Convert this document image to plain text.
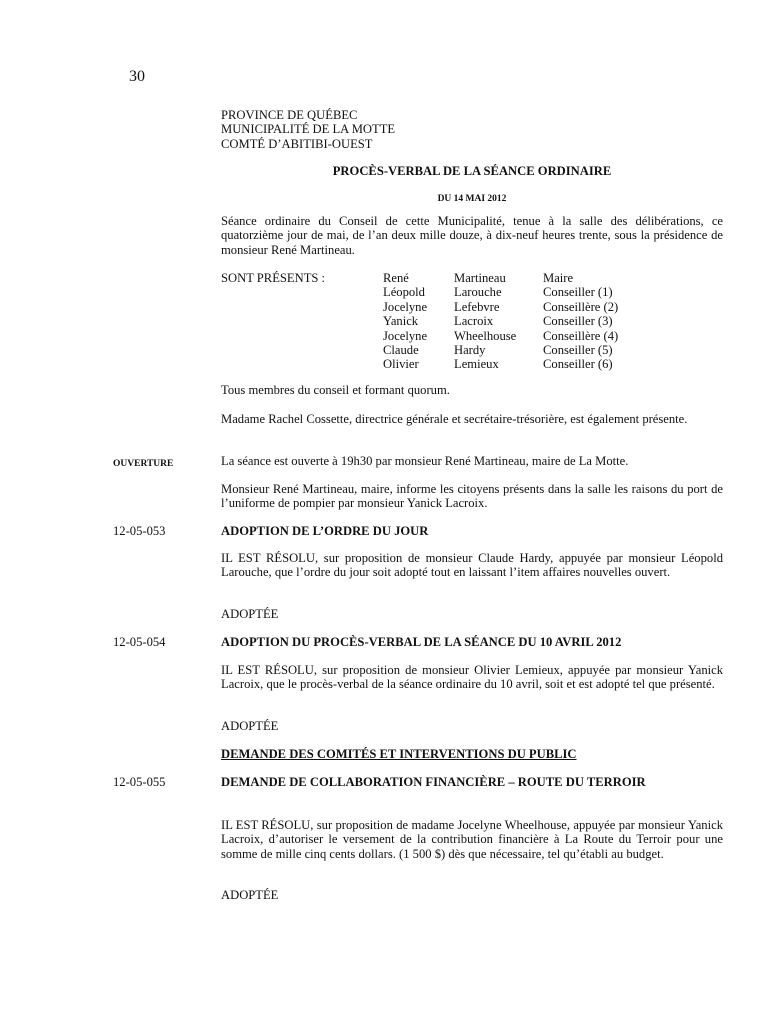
30
PROVINCE DE QUÉBEC
MUNICIPALITÉ DE LA MOTTE
COMTÉ D’ABITIBI-OUEST
PROCÈS-VERBAL DE LA SÉANCE ORDINAIRE
DU 14 MAI 2012
Séance ordinaire du Conseil de cette Municipalité, tenue à la salle des délibérations, ce quatorzième jour de mai, de l’an deux mille douze, à dix-neuf heures trente, sous la présidence de monsieur René Martineau.
SONT PRÉSENTS :	René	Martineau	Maire
Léopold	Larouche	Conseiller (1)
Jocelyne	Lefebvre	Conseillère (2)
Yanick	Lacroix	Conseiller (3)
Jocelyne	Wheelhouse	Conseillère (4)
Claude	Hardy	Conseiller (5)
Olivier	Lemieux	Conseiller (6)
Tous membres du conseil et formant quorum.
Madame Rachel Cossette, directrice générale et secrétaire-trésorière, est également présente.
OUVERTURE	La séance est ouverte à 19h30 par monsieur René Martineau, maire de La Motte.
Monsieur René Martineau, maire, informe les citoyens présents dans la salle les raisons du port de l’uniforme de pompier par monsieur Yanick Lacroix.
12-05-053	ADOPTION DE L’ORDRE DU JOUR
IL EST RÉSOLU, sur proposition de monsieur Claude Hardy, appuyée par monsieur Léopold Larouche, que l’ordre du jour soit adopté tout en laissant l’item affaires nouvelles ouvert.
ADOPTÉE
12-05-054	ADOPTION DU PROCÈS-VERBAL DE LA SÉANCE DU 10 AVRIL 2012
IL EST RÉSOLU, sur proposition de monsieur Olivier Lemieux, appuyée par monsieur Yanick Lacroix, que le procès-verbal de la séance ordinaire du 10 avril, soit et est adopté tel que présenté.
ADOPTÉE
DEMANDE DES COMITÉS ET INTERVENTIONS DU PUBLIC
12-05-055	DEMANDE DE COLLABORATION FINANCIÈRE – ROUTE DU TERROIR
IL EST RÉSOLU, sur proposition de madame Jocelyne Wheelhouse, appuyée par monsieur Yanick Lacroix, d’autoriser le versement de la contribution financière à La Route du Terroir pour une somme de mille cinq cents dollars. (1 500 $) dès que nécessaire, tel qu’établi au budget.
ADOPTÉE
